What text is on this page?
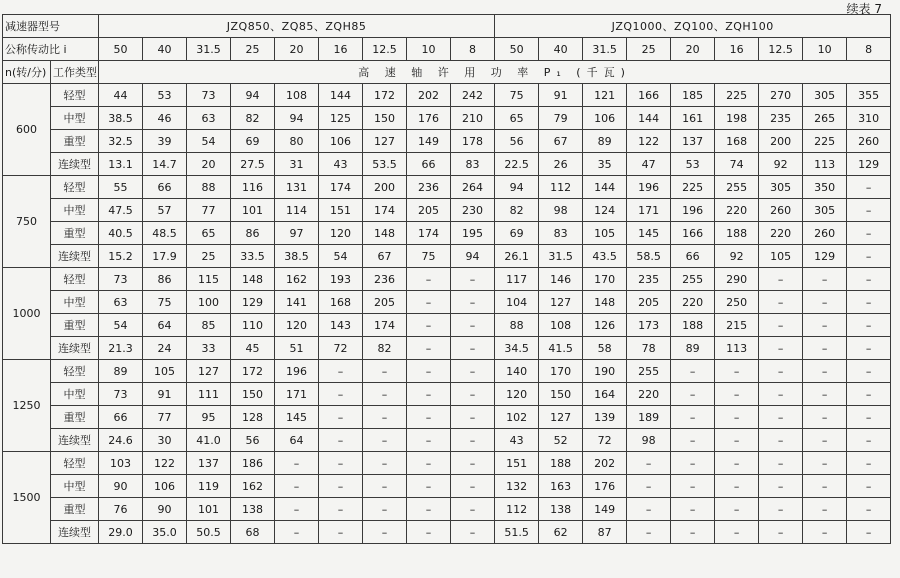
续表 7
减速器型号		JZQ850、ZQ85、ZQH85									JZQ1000、ZQ100、ZQH100								
公称传动比 i		50	40	31.5	25	20	16	12.5	10	8	50	40	31.5	25	20	16	12.5	10	8
n(转/分)	工作类型	高 速 轴 许 用 功 率 P₁ (千瓦)																	
600	轻型	44	53	73	94	108	144	172	202	242	75	91	121	166	185	225	270	305	355
	中型	38.5	46	63	82	94	125	150	176	210	65	79	106	144	161	198	235	265	310
	重型	32.5	39	54	69	80	106	127	149	178	56	67	89	122	137	168	200	225	260
	连续型	13.1	14.7	20	27.5	31	43	53.5	66	83	22.5	26	35	47	53	74	92	113	129
750	轻型	55	66	88	116	131	174	200	236	264	94	112	144	196	225	255	305	350	–
	中型	47.5	57	77	101	114	151	174	205	230	82	98	124	171	196	220	260	305	–
	重型	40.5	48.5	65	86	97	120	148	174	195	69	83	105	145	166	188	220	260	–
	连续型	15.2	17.9	25	33.5	38.5	54	67	75	94	26.1	31.5	43.5	58.5	66	92	105	129	–
1000	轻型	73	86	115	148	162	193	236	–	–	117	146	170	235	255	290	–	–	–
	中型	63	75	100	129	141	168	205	–	–	104	127	148	205	220	250	–	–	–
	重型	54	64	85	110	120	143	174	–	–	88	108	126	173	188	215	–	–	–
	连续型	21.3	24	33	45	51	72	82	–	–	34.5	41.5	58	78	89	113	–	–	–
1250	轻型	89	105	127	172	196	–	–	–	–	140	170	190	255	–	–	–	–	–
	中型	73	91	111	150	171	–	–	–	–	120	150	164	220	–	–	–	–	–
	重型	66	77	95	128	145	–	–	–	–	102	127	139	189	–	–	–	–	–
	连续型	24.6	30	41.0	56	64	–	–	–	–	43	52	72	98	–	–	–	–	–
1500	轻型	103	122	137	186	–	–	–	–	–	151	188	202	–	–	–	–	–	–
	中型	90	106	119	162	–	–	–	–	–	132	163	176	–	–	–	–	–	–
	重型	76	90	101	138	–	–	–	–	–	112	138	149	–	–	–	–	–	–
	连续型	29.0	35.0	50.5	68	–	–	–	–	–	51.5	62	87	–	–	–	–	–	–
